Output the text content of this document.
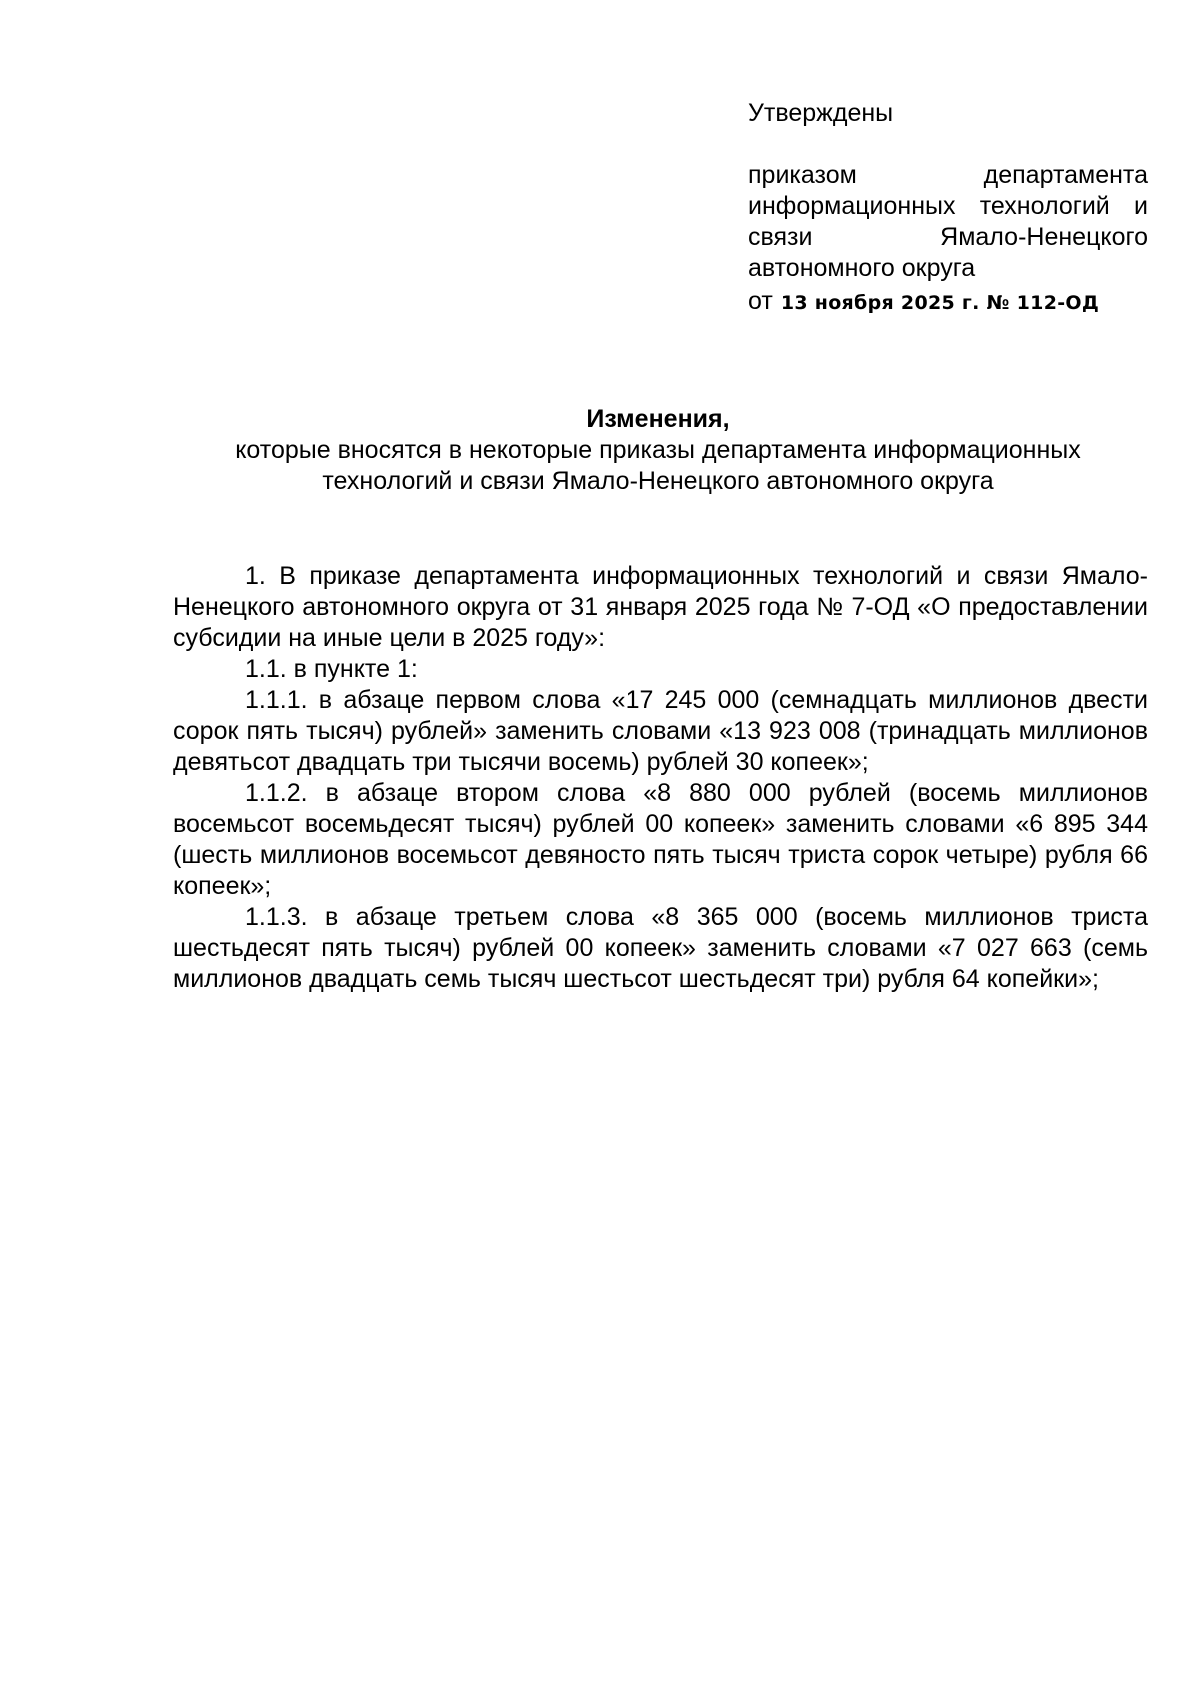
Утверждены

приказом департамента информационных технологий и связи Ямало-Ненецкого автономного округа

от 13 ноября 2025 г. № 112-ОД

Изменения,

которые вносятся в некоторые приказы департамента информационных технологий и связи Ямало-Ненецкого автономного округа

1. В приказе департамента информационных технологий и связи Ямало-Ненецкого автономного округа от 31 января 2025 года № 7-ОД «О предоставлении субсидии на иные цели в 2025 году»:

1.1. в пункте 1:

1.1.1. в абзаце первом слова «17 245 000 (семнадцать миллионов двести сорок пять тысяч) рублей» заменить словами «13 923 008 (тринадцать миллионов девятьсот двадцать три тысячи восемь) рублей 30 копеек»;

1.1.2. в абзаце втором слова «8 880 000 рублей (восемь миллионов восемьсот восемьдесят тысяч) рублей 00 копеек» заменить словами «6 895 344 (шесть миллионов восемьсот девяносто пять тысяч триста сорок четыре) рубля 66 копеек»;

1.1.3. в абзаце третьем слова «8 365 000 (восемь миллионов триста шестьдесят пять тысяч) рублей 00 копеек» заменить словами «7 027 663 (семь миллионов двадцать семь тысяч шестьсот шестьдесят три) рубля 64 копейки»;
